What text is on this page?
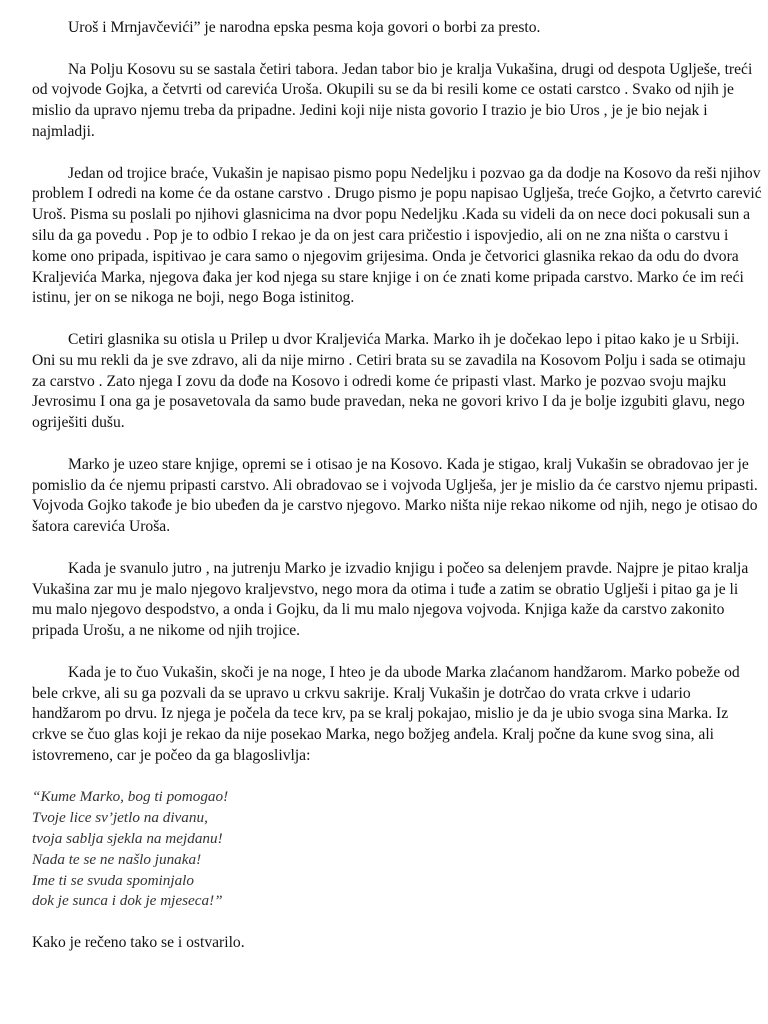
Uroš i Mrnjavčevići” je narodna epska pesma koja govori o borbi za presto.

Na Polju Kosovu su se sastala četiri tabora. Jedan tabor bio je kralja Vukašina, drugi od despota Uglješe, treći od vojvode Gojka, a četvrti od carevića Uroša. Okupili su se da bi resili kome ce ostati carstco . Svako od njih je mislio da upravo njemu treba da pripadne. Jedini koji nije nista govorio I trazio je bio Uros , je je bio nejak i najmladji.

Jedan od trojice braće, Vukašin je napisao pismo popu Nedeljku i pozvao ga da dodje na Kosovo da reši njihov problem I odredi na kome će da ostane carstvo . Drugo pismo je popu napisao Uglješa, treće Gojko, a četvrto carević Uroš. Pisma su poslali po njihovi glasnicima na dvor popu Nedeljku .Kada su videli da on nece doci pokusali sun a silu da ga povedu . Pop je to odbio I rekao je da on jest cara pričestio i ispovjedio, ali on ne zna ništa o carstvu i kome ono pripada, ispitivao je cara samo o njegovim grijesima. Onda je četvorici glasnika rekao da odu do dvora Kraljevića Marka, njegova đaka jer kod njega su stare knjige i on će znati kome pripada carstvo. Marko će im reći istinu, jer on se nikoga ne boji, nego Boga istinitog.

Cetiri glasnika su otisla u Prilep u dvor Kraljevića Marka. Marko ih je dočekao lepo i pitao kako je u Srbiji. Oni su mu rekli da je sve zdravo, ali da nije mirno . Cetiri brata su se zavadila na Kosovom Polju i sada se otimaju za carstvo . Zato njega I zovu da dođe na Kosovo i odredi kome će pripasti vlast. Marko je pozvao svoju majku Jevrosimu I ona ga je posavetovala da samo bude pravedan, neka ne govori krivo I da je bolje izgubiti glavu, nego ogriješiti dušu.

Marko je uzeo stare knjige, opremi se i otisao je na Kosovo. Kada je stigao, kralj Vukašin se obradovao jer je pomislio da će njemu pripasti carstvo. Ali obradovao se i vojvoda Uglješa, jer je mislio da će carstvo njemu pripasti. Vojvoda Gojko takođe je bio ubeđen da je carstvo njegovo. Marko ništa nije rekao nikome od njih, nego je otisao do šatora carevića Uroša.

Kada je svanulo jutro , na jutrenju Marko je izvadio knjigu i počeo sa delenjem pravde. Najpre je pitao kralja Vukašina zar mu je malo njegovo kraljevstvo, nego mora da otima i tuđe a zatim se obratio Uglješi i pitao ga je li mu malo njegovo despodstvo, a onda i Gojku, da li mu malo njegova vojvoda. Knjiga kaže da carstvo zakonito pripada Urošu, a ne nikome od njih trojice.

Kada je to čuo Vukašin, skoči je na noge, I hteo je da ubode Marka zlaćanom handžarom. Marko pobeže od bele crkve, ali su ga pozvali da se upravo u crkvu sakrije. Kralj Vukašin je dotrčao do vrata crkve i udario handžarom po drvu. Iz njega je počela da tece krv, pa se kralj pokajao, mislio je da je ubio svoga sina Marka. Iz crkve se čuo glas koji je rekao da nije posekao Marka, nego božjeg anđela. Kralj počne da kune svog sina, ali istovremeno, car je počeo da ga blagoslivlja:

“Kume Marko, bog ti pomogao!
Tvoje lice sv’jetlo na divanu,
tvoja sablja sjekla na mejdanu!
Nada te se ne našlo junaka!
Ime ti se svuda spominjalo
dok je sunca i dok je mjeseca!”

Kako je rečeno tako se i ostvarilo.
